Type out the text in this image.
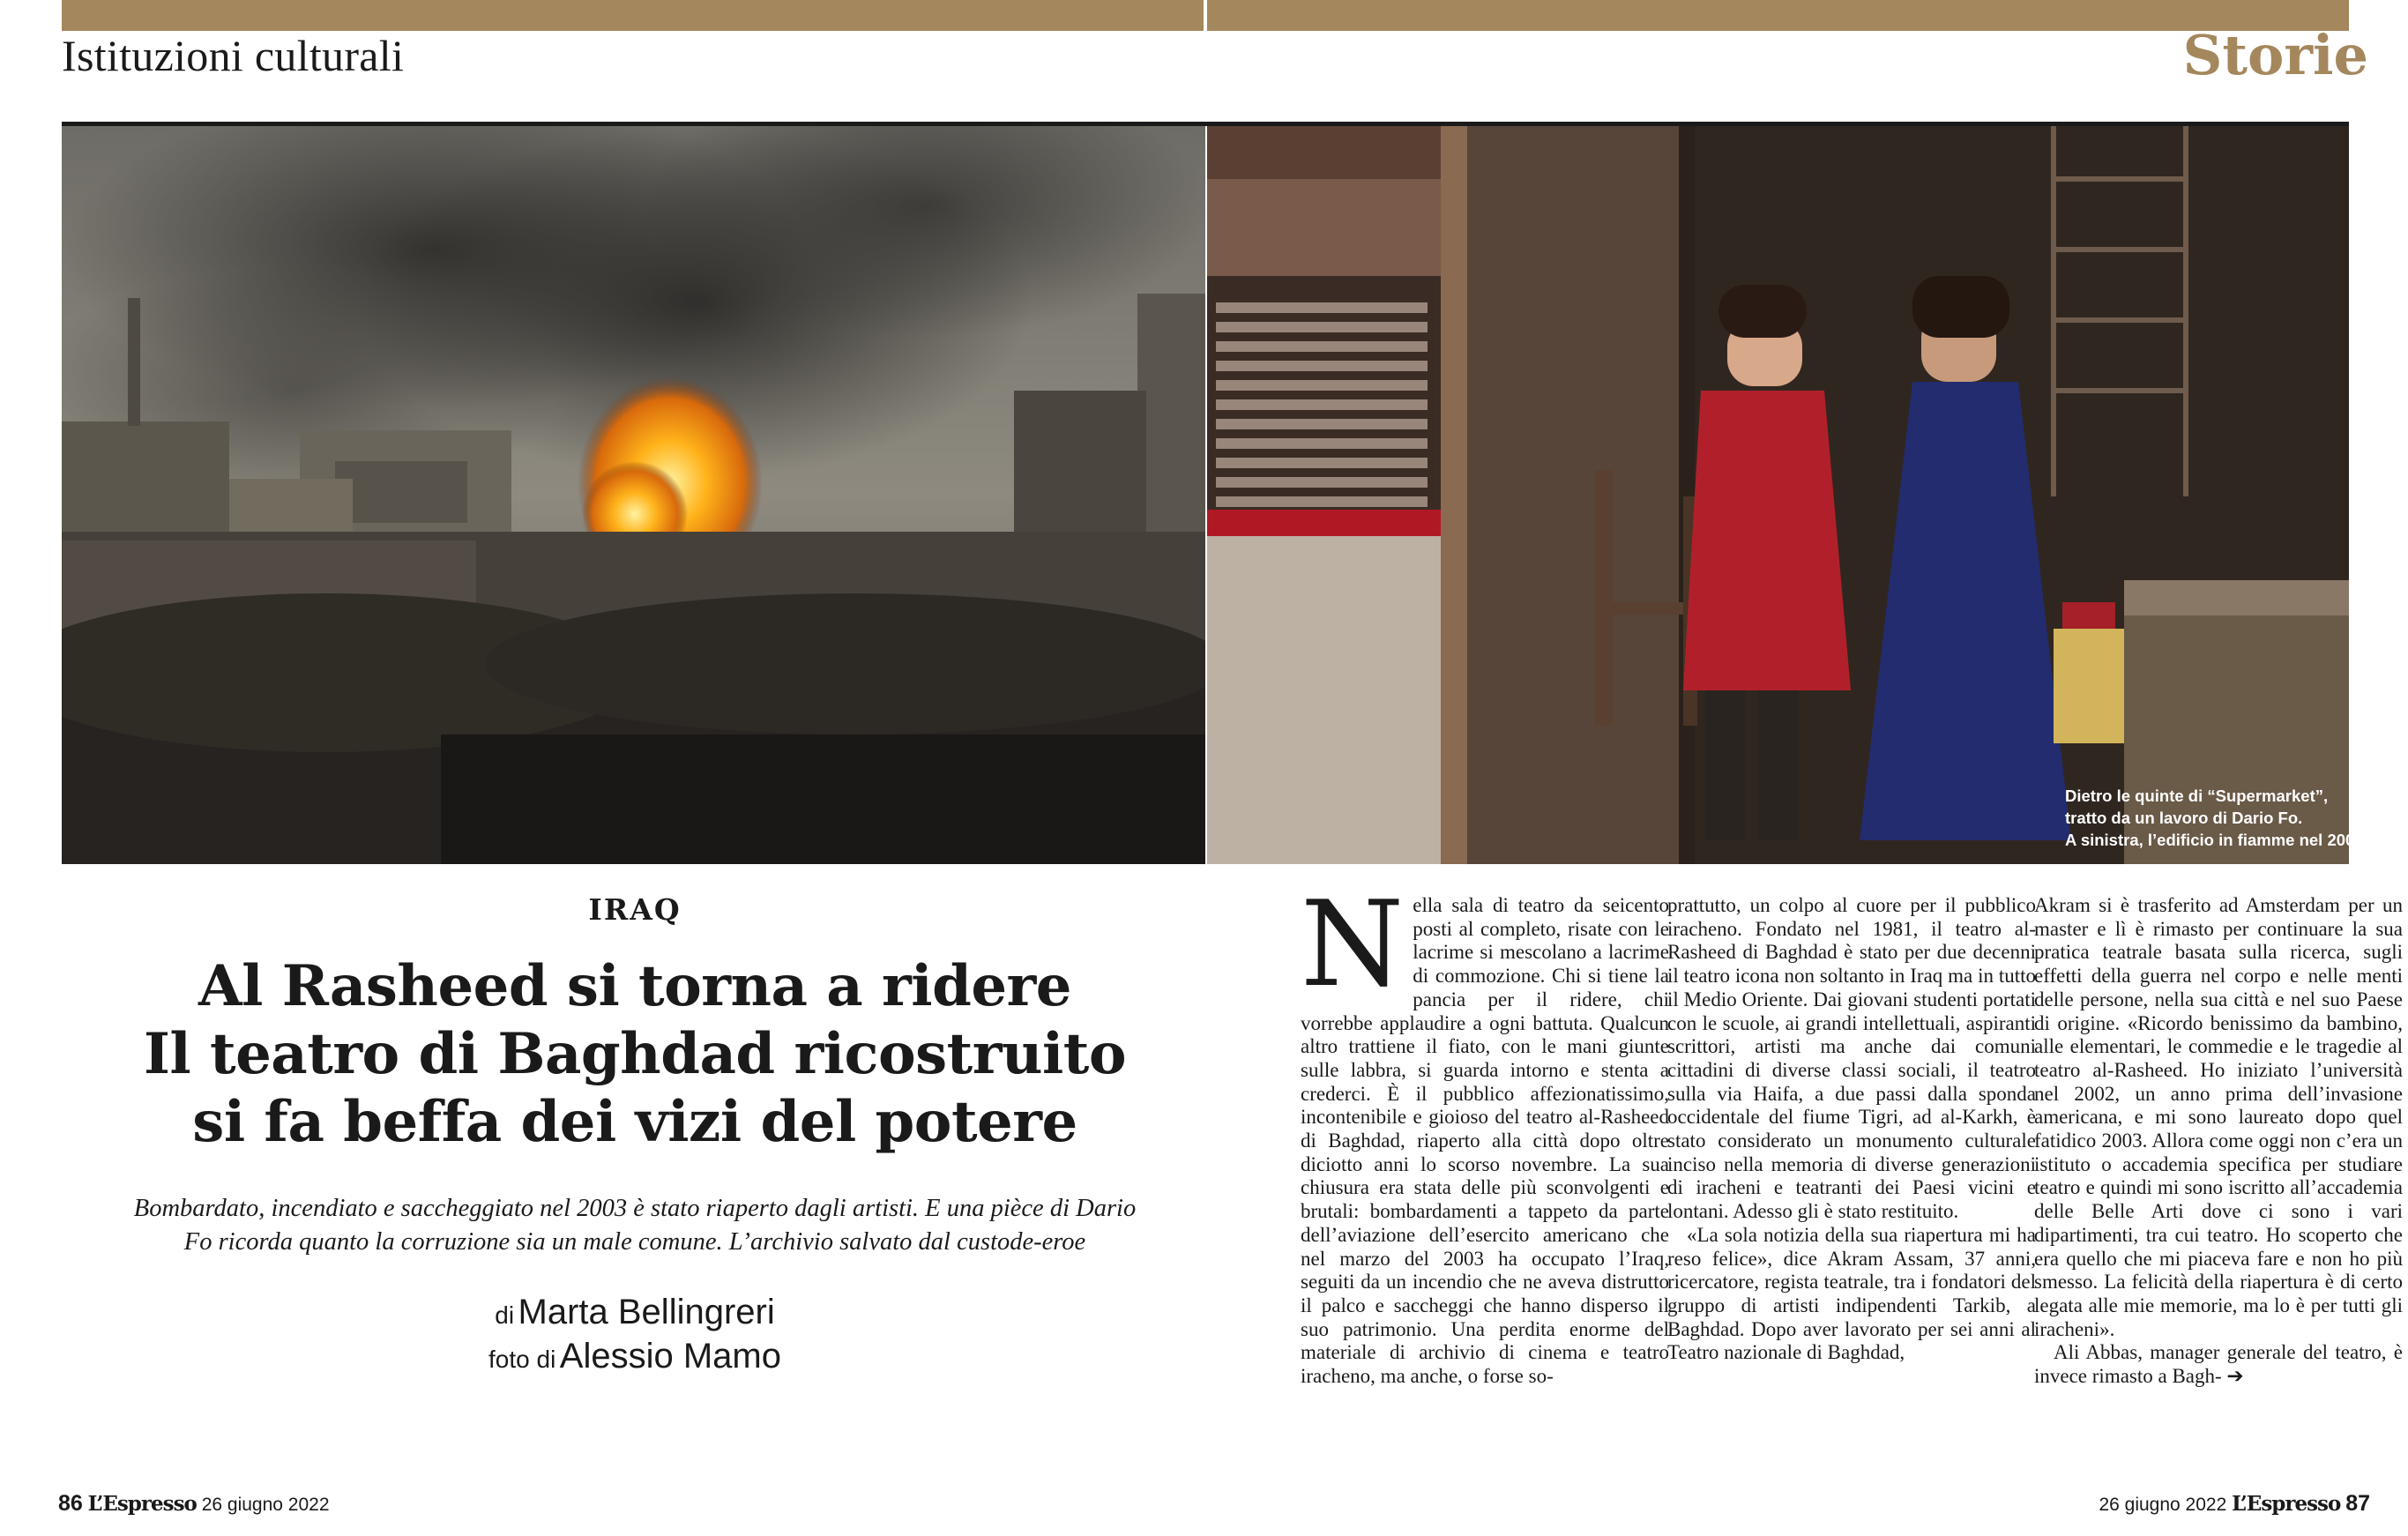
Istituzioni culturali	Storie
Dietro le quinte di “Supermarket”,
tratto da un lavoro di Dario Fo.
A sinistra, l’edificio in fiamme nel 2003
IRAQ
Al Rasheed si torna a ridere
Il teatro di Baghdad ricostruito
si fa beffa dei vizi del potere
Bombardato, incendiato e saccheggiato nel 2003 è stato riaperto dagli artisti. E una pièce di Dario
Fo ricorda quanto la corruzione sia un male comune. L’archivio salvato dal custode-eroe
di Marta Bellingreri
foto di Alessio Mamo

Nella sala di teatro da seicento posti al completo, risate con le lacrime si mescolano a lacrime di commozione. Chi si tiene la pancia per il ridere, chi vorrebbe applaudire a ogni battuta. Qualcun altro trattiene il fiato, con le mani giunte sulle labbra, si guarda intorno e stenta a crederci. È il pubblico affezionatissimo, incontenibile e gioioso del teatro al-Rasheed di Baghdad, riaperto alla città dopo oltre diciotto anni lo scorso novembre. La sua chiusura era stata delle più sconvolgenti e brutali: bombardamenti a tappeto da parte dell’aviazione dell’esercito americano che nel marzo del 2003 ha occupato l’Iraq, seguiti da un incendio che ne aveva distrutto il palco e saccheggi che hanno disperso il suo patrimonio. Una perdita enorme del materiale di archivio di cinema e teatro iracheno, ma anche, o forse so-

prattutto, un colpo al cuore per il pubblico iracheno. Fondato nel 1981, il teatro al-Rasheed di Baghdad è stato per due decenni il teatro icona non soltanto in Iraq ma in tutto il Medio Oriente. Dai giovani studenti portati con le scuole, ai grandi intellettuali, aspiranti scrittori, artisti ma anche dai comuni cittadini di diverse classi sociali, il teatro sulla via Haifa, a due passi dalla sponda occidentale del fiume Tigri, ad al-Karkh, è stato considerato un monumento culturale inciso nella memoria di diverse generazioni di iracheni e teatranti dei Paesi vicini e lontani. Adesso gli è stato restituito.

«La sola notizia della sua riapertura mi ha reso felice», dice Akram Assam, 37 anni, ricercatore, regista teatrale, tra i fondatori del gruppo di artisti indipendenti Tarkib, a Baghdad. Dopo aver lavorato per sei anni al Teatro nazionale di Baghdad,

Akram si è trasferito ad Amsterdam per un master e lì è rimasto per continuare la sua pratica teatrale basata sulla ricerca, sugli effetti della guerra nel corpo e nelle menti delle persone, nella sua città e nel suo Paese di origine. «Ricordo benissimo da bambino, alle elementari, le commedie e le tragedie al teatro al-Rasheed. Ho iniziato l’università nel 2002, un anno prima dell’invasione americana, e mi sono laureato dopo quel fatidico 2003. Allora come oggi non c’era un istituto o accademia specifica per studiare teatro e quindi mi sono iscritto all’accademia delle Belle Arti dove ci sono i vari dipartimenti, tra cui teatro. Ho scoperto che era quello che mi piaceva fare e non ho più smesso. La felicità della riapertura è di certo legata alle mie memorie, ma lo è per tutti gli iracheni».

Ali Abbas, manager generale del teatro, è invece rimasto a Bagh- ➔

86 L’Espresso 26 giugno 2022	26 giugno 2022 L’Espresso 87
